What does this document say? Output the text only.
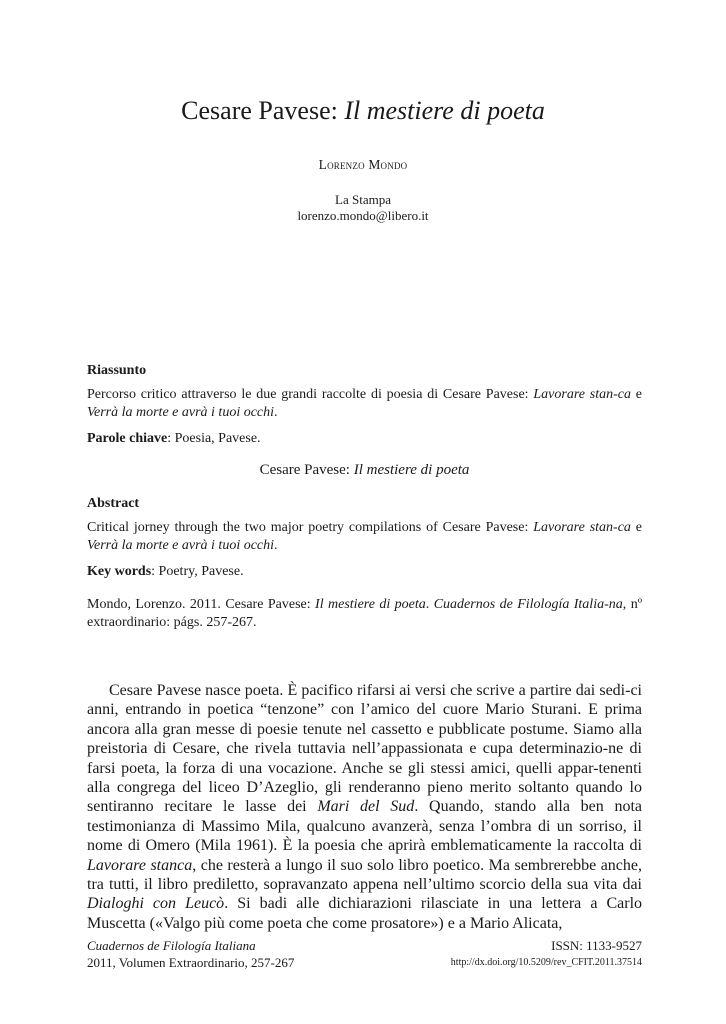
Cesare Pavese: Il mestiere di poeta
Lorenzo Mondo
La Stampa
lorenzo.mondo@libero.it
Riassunto
Percorso critico attraverso le due grandi raccolte di poesia di Cesare Pavese: Lavorare stan-ca e Verrà la morte e avrà i tuoi occhi.
Parole chiave: Poesia, Pavese.
Cesare Pavese: Il mestiere di poeta
Abstract
Critical jorney through the two major poetry compilations of Cesare Pavese: Lavorare stan-ca e Verrà la morte e avrà i tuoi occhi.
Key words: Poetry, Pavese.
Mondo, Lorenzo. 2011. Cesare Pavese: Il mestiere di poeta. Cuadernos de Filología Italia-na, nº extraordinario: págs. 257-267.

Cesare Pavese nasce poeta. È pacifico rifarsi ai versi che scrive a partire dai sedi-ci anni, entrando in poetica “tenzone” con l’amico del cuore Mario Sturani. E prima ancora alla gran messe di poesie tenute nel cassetto e pubblicate postume. Siamo alla preistoria di Cesare, che rivela tuttavia nell’appassionata e cupa determinazio-ne di farsi poeta, la forza di una vocazione. Anche se gli stessi amici, quelli appar-tenenti alla congrega del liceo D’Azeglio, gli renderanno pieno merito soltanto quando lo sentiranno recitare le lasse dei Mari del Sud. Quando, stando alla ben nota testimonianza di Massimo Mila, qualcuno avanzerà, senza l’ombra di un sorriso, il nome di Omero (Mila 1961). È la poesia che aprirà emblematicamente la raccolta di Lavorare stanca, che resterà a lungo il suo solo libro poetico. Ma sembrerebbe anche, tra tutti, il libro prediletto, sopravanzato appena nell’ultimo scorcio della sua vita dai Dialoghi con Leucò. Si badi alle dichiarazioni rilasciate in una lettera a Carlo Muscetta («Valgo più come poeta che come prosatore») e a Mario Alicata,

Cuadernos de Filología Italiana
2011, Volumen Extraordinario, 257-267
ISSN: 1133-9527
http://dx.doi.org/10.5209/rev_CFIT.2011.37514
